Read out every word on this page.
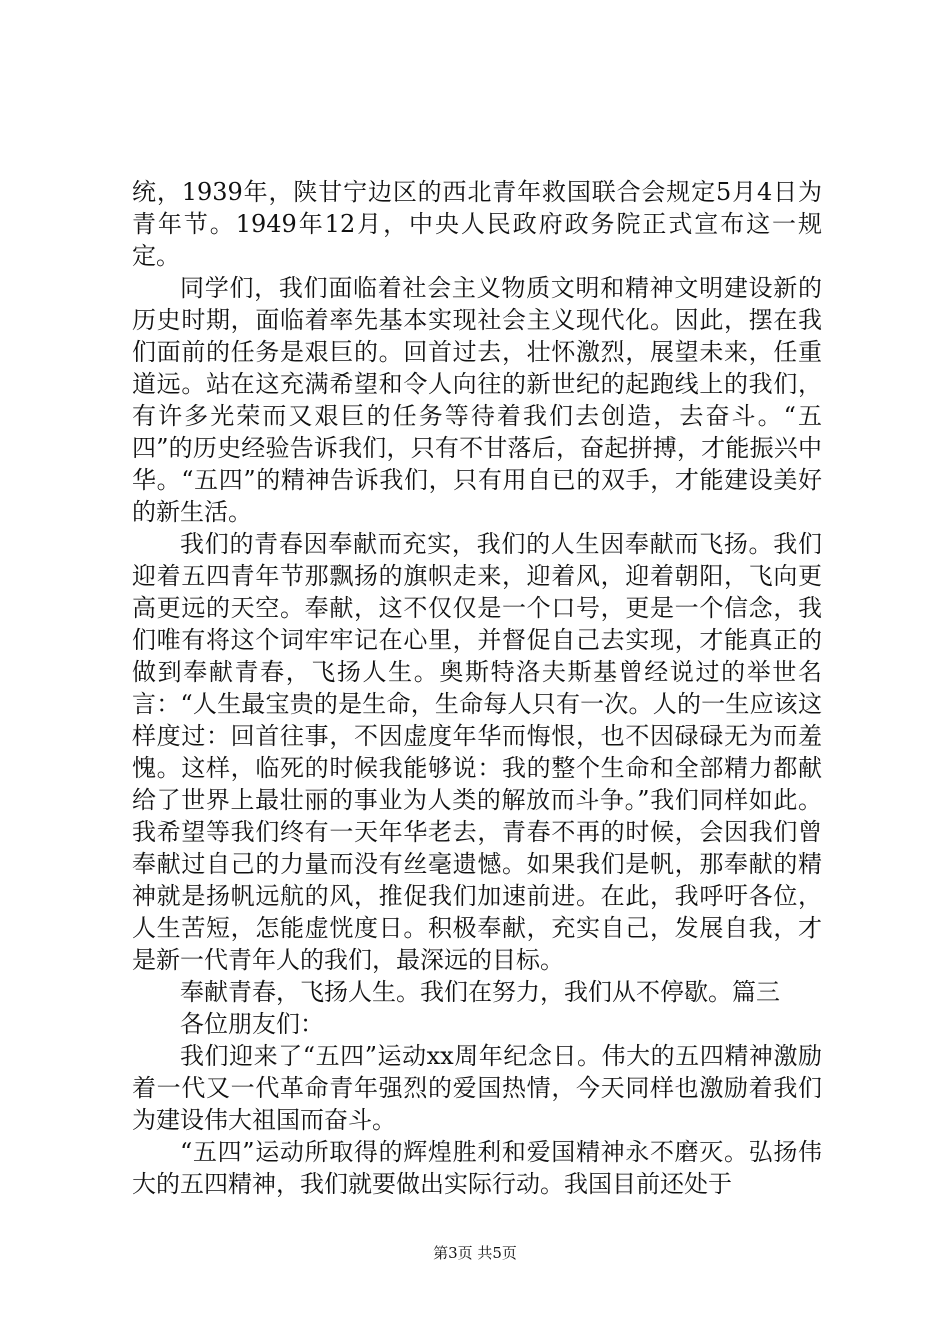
统，1939年，陕甘宁边区的西北青年救国联合会规定5月4日为青年节。1949年12月，中央人民政府政务院正式宣布这一规定。

同学们，我们面临着社会主义物质文明和精神文明建设新的历史时期，面临着率先基本实现社会主义现代化。因此，摆在我们面前的任务是艰巨的。回首过去，壮怀激烈，展望未来，任重道远。站在这充满希望和令人向往的新世纪的起跑线上的我们，有许多光荣而又艰巨的任务等待着我们去创造，去奋斗。“五四”的历史经验告诉我们，只有不甘落后，奋起拼搏，才能振兴中华。“五四”的精神告诉我们，只有用自已的双手，才能建设美好的新生活。

我们的青春因奉献而充实，我们的人生因奉献而飞扬。我们迎着五四青年节那飘扬的旗帜走来，迎着风，迎着朝阳，飞向更高更远的天空。奉献，这不仅仅是一个口号，更是一个信念，我们唯有将这个词牢牢记在心里，并督促自己去实现，才能真正的做到奉献青春，飞扬人生。奥斯特洛夫斯基曾经说过的举世名言：“人生最宝贵的是生命，生命每人只有一次。人的一生应该这样度过：回首往事，不因虚度年华而悔恨，也不因碌碌无为而羞愧。这样，临死的时候我能够说：我的整个生命和全部精力都献给了世界上最壮丽的事业为人类的解放而斗争。”我们同样如此。我希望等我们终有一天年华老去，青春不再的时候，会因我们曾奉献过自己的力量而没有丝毫遗憾。如果我们是帆，那奉献的精神就是扬帆远航的风，推促我们加速前进。在此，我呼吁各位，人生苦短，怎能虚恍度日。积极奉献，充实自己，发展自我，才是新一代青年人的我们，最深远的目标。

奉献青春，飞扬人生。我们在努力，我们从不停歇。篇三

各位朋友们：

我们迎来了“五四”运动xx周年纪念日。伟大的五四精神激励着一代又一代革命青年强烈的爱国热情，今天同样也激励着我们为建设伟大祖国而奋斗。

“五四”运动所取得的辉煌胜利和爱国精神永不磨灭。弘扬伟大的五四精神，我们就要做出实际行动。我国目前还处于

第3页 共5页
